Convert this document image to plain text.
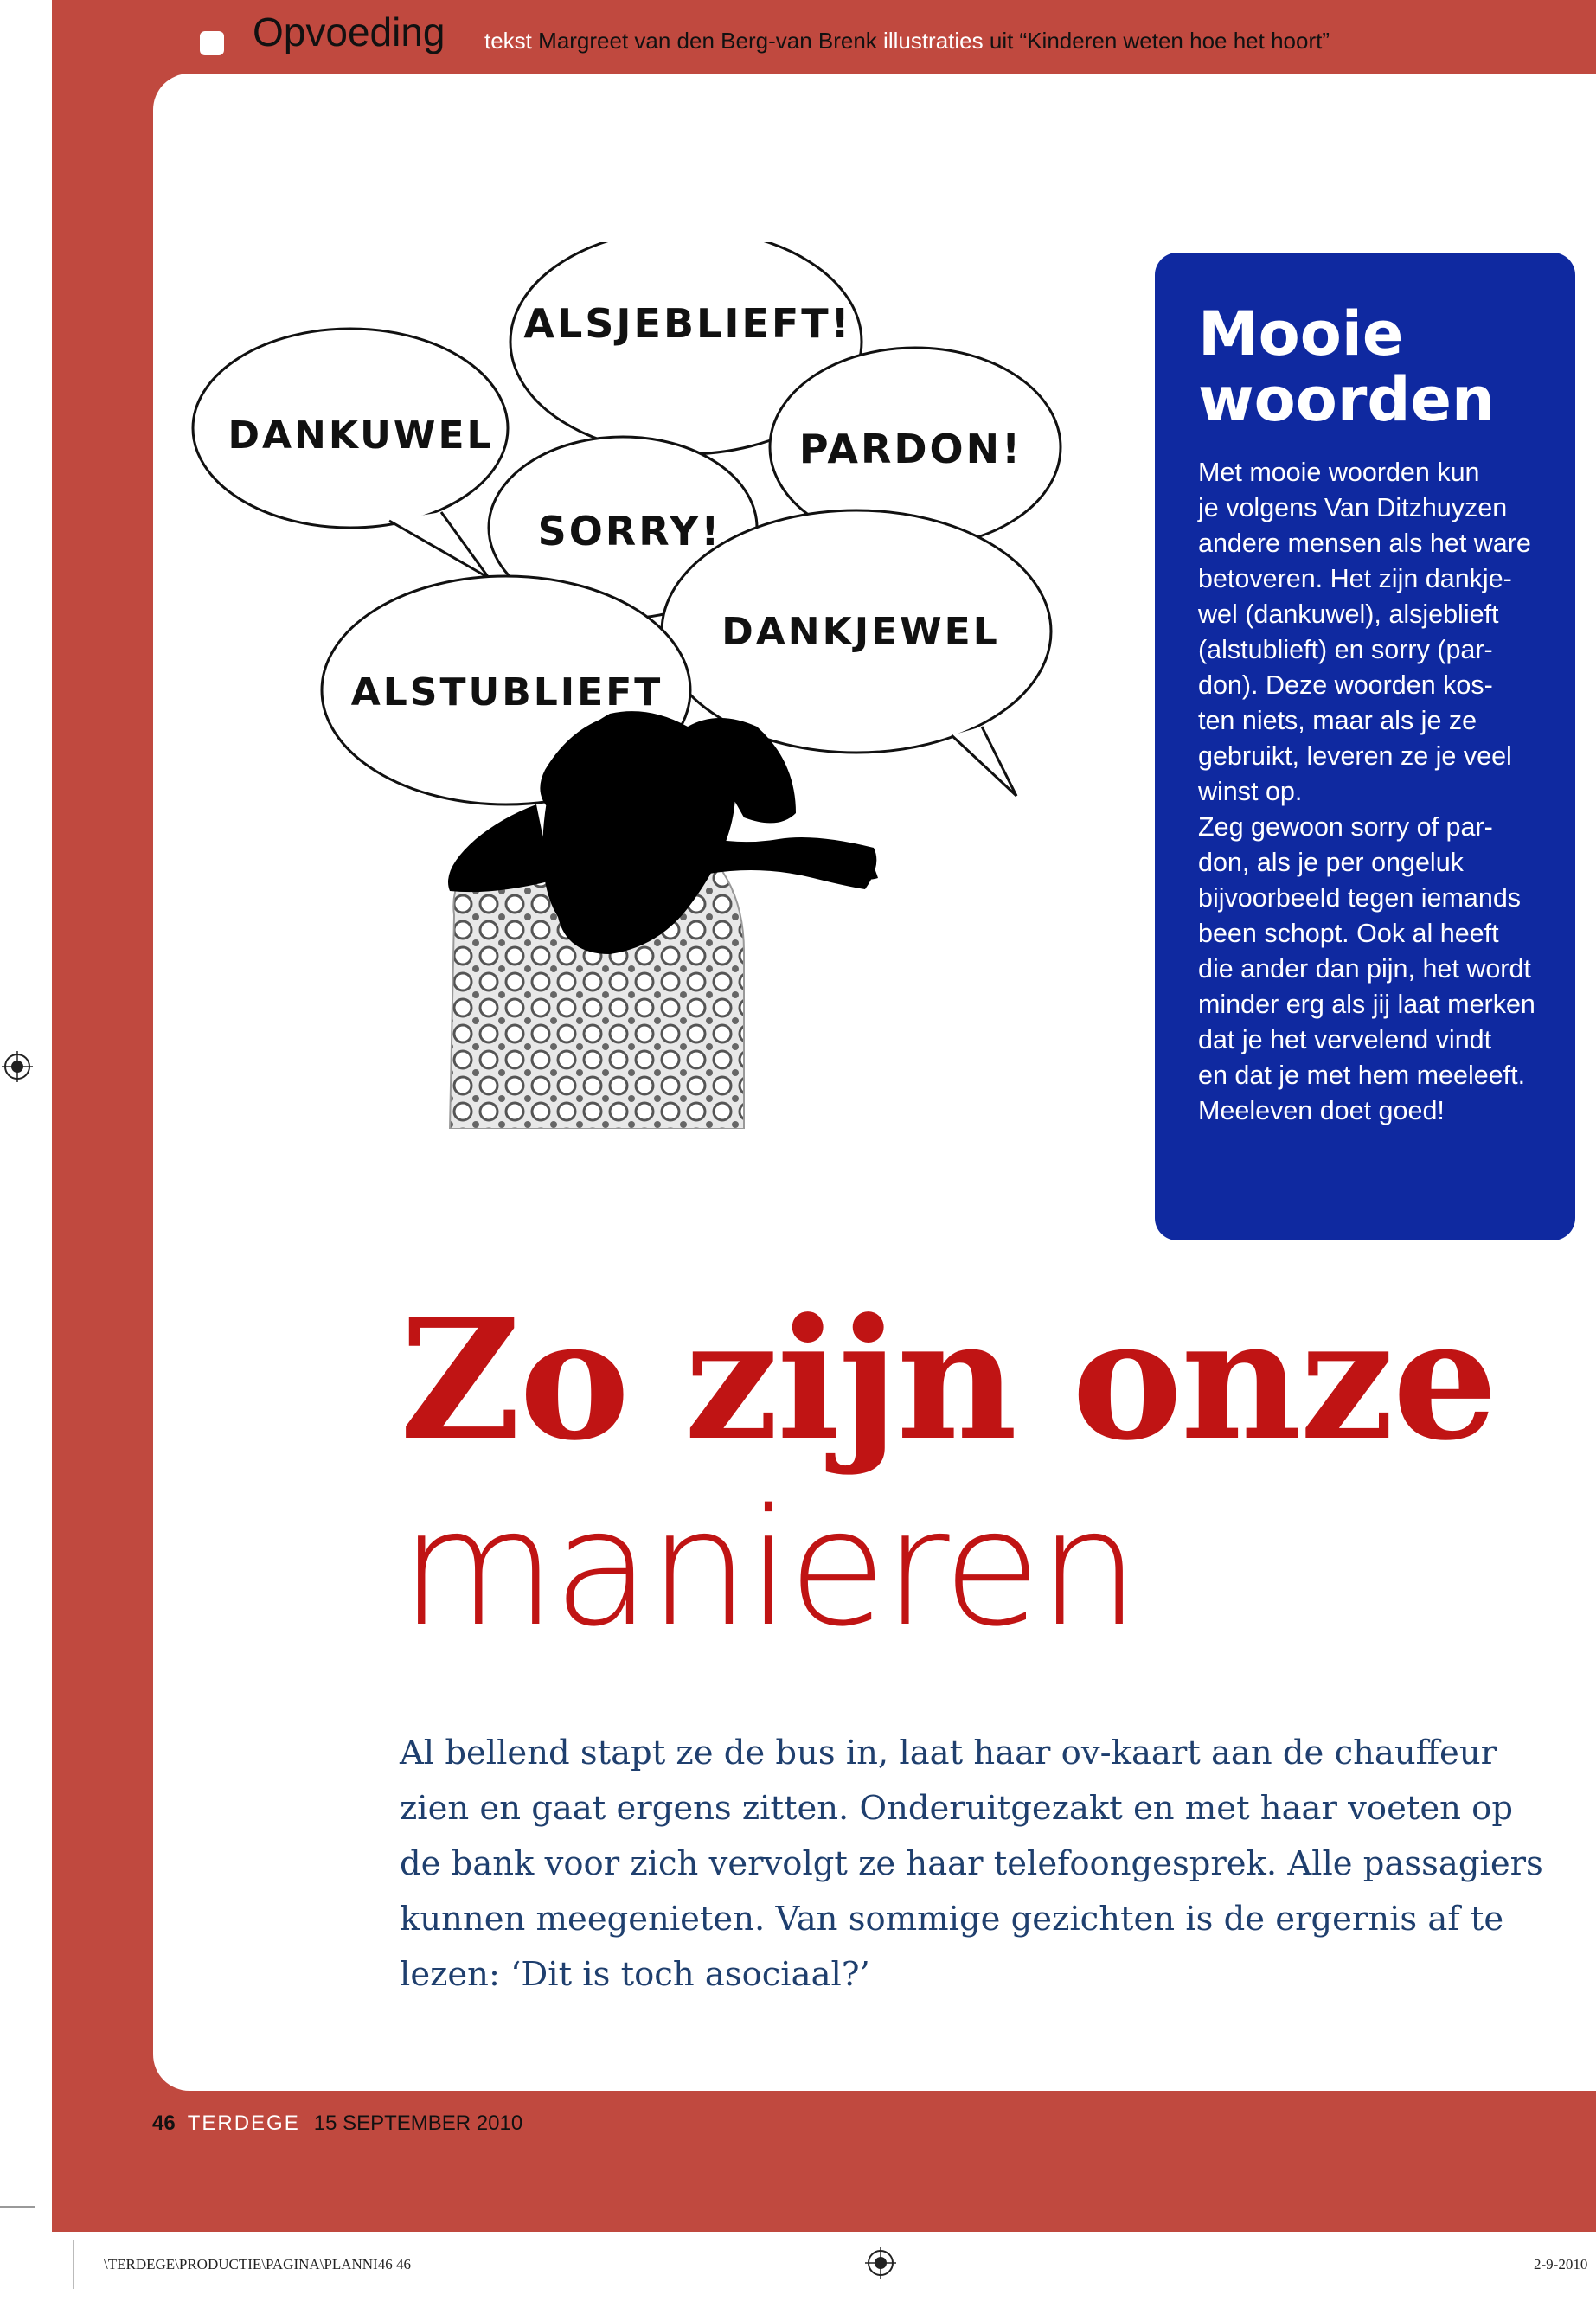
Opvoeding tekst Margreet van den Berg-van Brenk illustraties uit “Kinderen weten hoe het hoort”
ALSJEBLIEFT!
DANKUWEL	PARDON!
SORRY!
DANKJEWEL
ALSTUBLIEFT
Mooie
woorden

Met mooie woorden kun
je volgens Van Ditzhuyzen
andere mensen als het ware
betoveren. Het zijn dankje-
wel (dankuwel), alsjeblieft
(alstublieft) en sorry (par-
don). Deze woorden kos-
ten niets, maar als je ze
gebruikt, leveren ze je veel
winst op.
Zeg gewoon sorry of par-
don, als je per ongeluk
bijvoorbeeld tegen iemands
been schopt. Ook al heeft
die ander dan pijn, het wordt
minder erg als jij laat merken
dat je het vervelend vindt
en dat je met hem meeleeft.
Meeleven doet goed!

Zo zijn onze
manieren
Al bellend stapt ze de bus in, laat haar ov-kaart aan de chauffeur zien en gaat ergens zitten. Onderuitgezakt en met haar voeten op de bank voor zich vervolgt ze haar telefoongesprek. Alle passagiers kunnen meegenieten. Van sommige gezichten is de ergernis af te lezen: ‘Dit is toch asociaal?’
46 TERDEGE 15 SEPTEMBER 2010
\TERDEGE\PRODUCTIE\PAGINA\PLANNI46 46	2-9-2010
